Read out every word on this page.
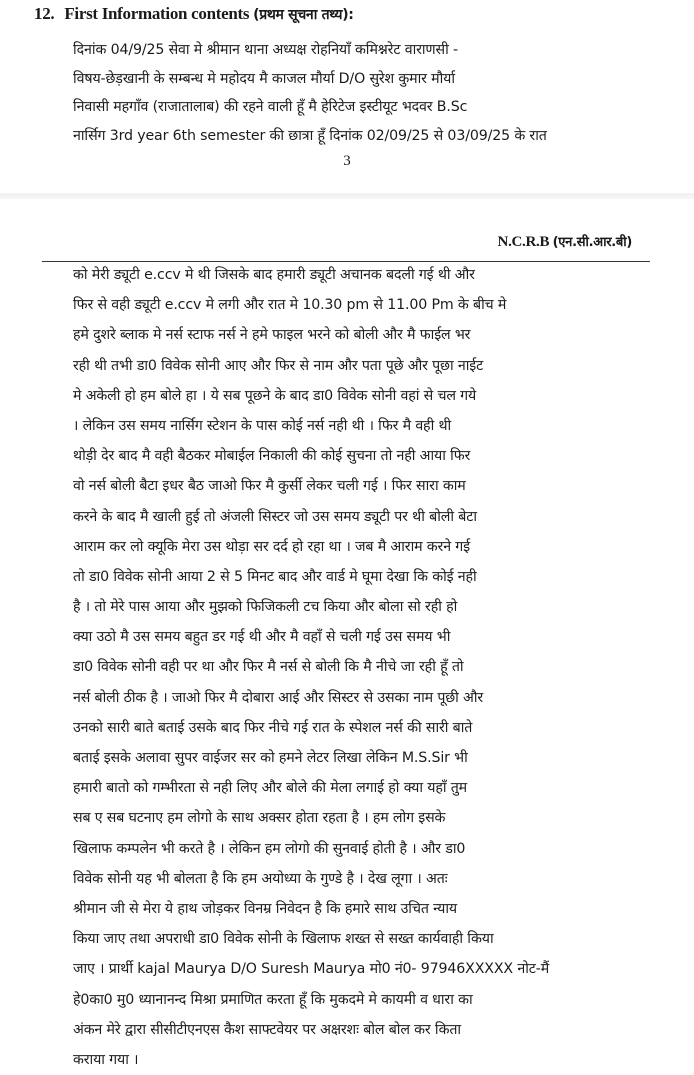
12. First Information contents (प्रथम सूचना तथ्य):
दिनांक 04/9/25 सेवा मे श्रीमान थाना अध्यक्ष रोहनियाँ कमिश्नरेट वाराणसी -
विषय-छेड़खानी के सम्बन्ध मे महोदय मै काजल मौर्या D/O सुरेश कुमार मौर्या
निवासी महगाँव (राजातालाब) की रहने वाली हूँ मै हेरिटेज इस्टीयूट भदवर B.Sc
नार्सिग 3rd year 6th semester की छात्रा हूँ दिनांक 02/09/25 से 03/09/25 के रात
3
N.C.R.B (एन.सी.आर.बी)
को मेरी ड्यूटी e.ccv मे थी जिसके बाद हमारी ड्यूटी अचानक बदली गई थी और
फिर से वही ड्यूटी e.ccv मे लगी और रात मे 10.30 pm से 11.00 Pm के बीच मे
हमे दुशरे ब्लाक मे नर्स स्टाफ नर्स ने हमे फाइल भरने को बोली और मै फाईल भर
रही थी तभी डा0 विवेक सोनी आए और फिर से नाम और पता पूछे और पूछा नाईट
मे अकेली हो हम बोले हा । ये सब पूछने के बाद डा0 विवेक सोनी वहां से चल गये
। लेकिन उस समय नार्सिग स्टेशन के पास कोई नर्स नही थी । फिर मै वही थी
थोड़ी देर बाद मै वही बैठकर मोबाईल निकाली की कोई सुचना तो नही आया फिर
वो नर्स बोली बैटा इधर बैठ जाओ फिर मै कुर्सी लेकर चली गई । फिर सारा काम
करने के बाद मै खाली हुई तो अंजली सिस्टर जो उस समय ड्यूटी पर थी बोली बेटा
आराम कर लो क्यूकि मेरा उस थोड़ा सर दर्द हो रहा था । जब मै आराम करने गई
तो डा0 विवेक सोनी आया 2 से 5 मिनट बाद और वार्ड मे घूमा देखा कि कोई नही
है । तो मेरे पास आया और मुझको फिजिकली टच किया और बोला सो रही हो
क्या उठो मै उस समय बहुत डर गई थी और मै वहाँ से चली गई उस समय भी
डा0 विवेक सोनी वही पर था और फिर मै नर्स से बोली कि मै नीचे जा रही हूँ तो
नर्स बोली ठीक है । जाओ फिर मै दोबारा आई और सिस्टर से उसका नाम पूछी और
उनको सारी बाते बताई उसके बाद फिर नीचे गई रात के स्पेशल नर्स की सारी बाते
बताई इसके अलावा सुपर वाईजर सर को हमने लेटर लिखा लेकिन M.S.Sir भी
हमारी बातो को गम्भीरता से नही लिए और बोले की मेला लगाई हो क्या यहाँ तुम
सब ए सब घटनाए हम लोगो के साथ अक्सर होता रहता है । हम लोग इसके
खिलाफ कम्पलेन भी करते है । लेकिन हम लोगो की सुनवाई होती है । और डा0
विवेक सोनी यह भी बोलता है कि हम अयोध्या के गुण्डे है । देख लूगा । अतः
श्रीमान जी से मेरा ये हाथ जोड़कर विनम्र निवेदन है कि हमारे साथ उचित न्याय
किया जाए तथा अपराधी डा0 विवेक सोनी के खिलाफ शख्त से सख्त कार्यवाही किया
जाए । प्रार्थी kajal Maurya D/O Suresh Maurya मो0 नं0- 97946XXXXX नोट-मैं
हे0का0 मु0 ध्यानानन्द मिश्रा प्रमाणित करता हूँ कि मुकदमे मे कायमी व धारा का
अंकन मेरे द्वारा सीसीटीएनएस कैश साफ्टवेयर पर अक्षरशः बोल बोल कर किता
कराया गया ।
